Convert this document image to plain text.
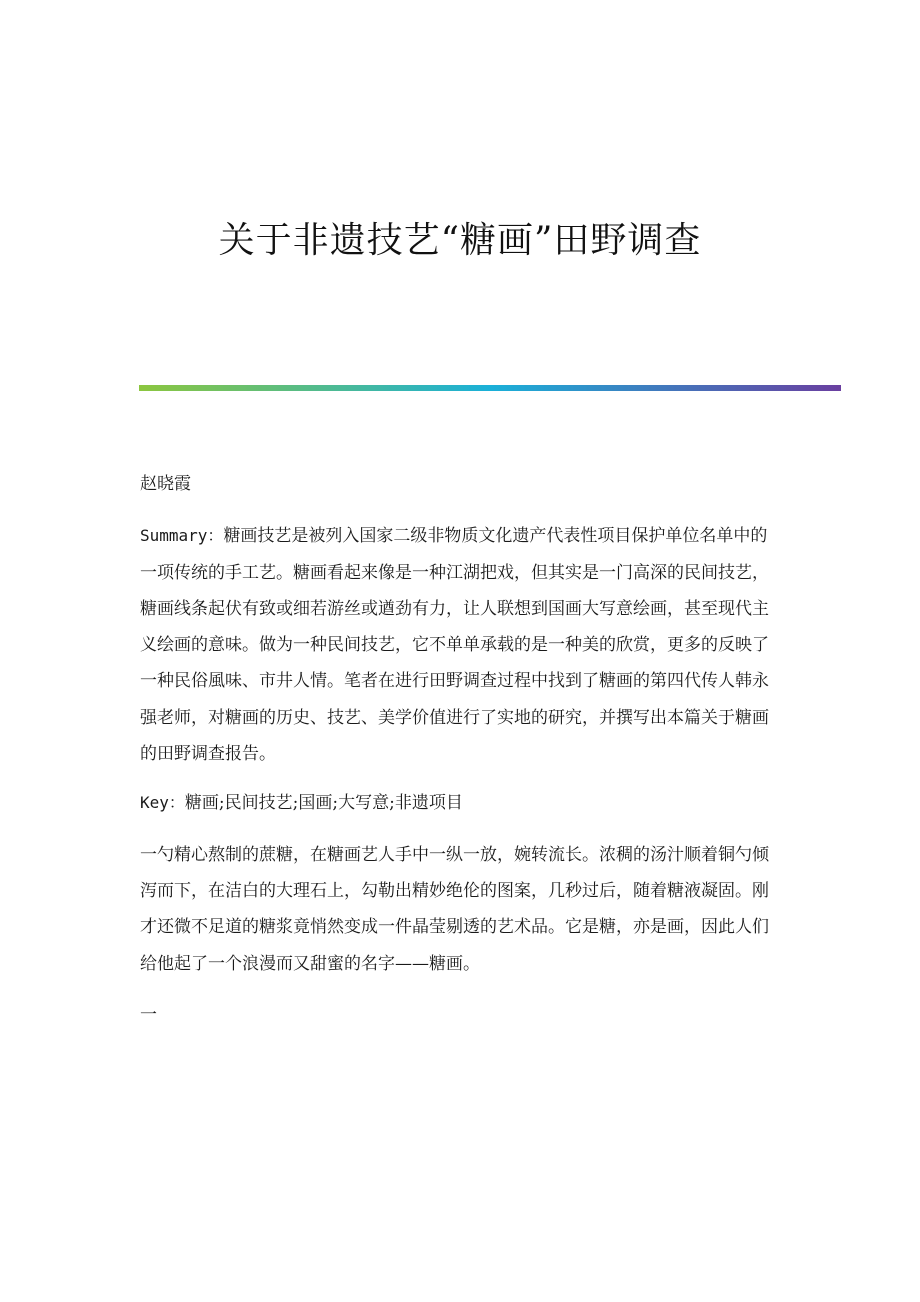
关于非遗技艺“糖画”田野调查

赵晓霞

Summary：糖画技艺是被列入国家二级非物质文化遗产代表性项目保护单位名单中的一项传统的手工艺。糖画看起来像是一种江湖把戏，但其实是一门高深的民间技艺，糖画线条起伏有致或细若游丝或遒劲有力，让人联想到国画大写意绘画，甚至现代主义绘画的意味。做为一种民间技艺，它不单单承载的是一种美的欣赏，更多的反映了一种民俗風味、市井人情。笔者在进行田野调查过程中找到了糖画的第四代传人韩永强老师，对糖画的历史、技艺、美学价值进行了实地的研究，并撰写出本篇关于糖画的田野调查报告。

Key：糖画;民间技艺;国画;大写意;非遗项目

一勺精心熬制的蔗糖，在糖画艺人手中一纵一放，婉转流长。浓稠的汤汁顺着铜勺倾泻而下，在洁白的大理石上，勾勒出精妙绝伦的图案，几秒过后，随着糖液凝固。刚才还微不足道的糖浆竟悄然变成一件晶莹剔透的艺术品。它是糖，亦是画，因此人们给他起了一个浪漫而又甜蜜的名字——糖画。

一
